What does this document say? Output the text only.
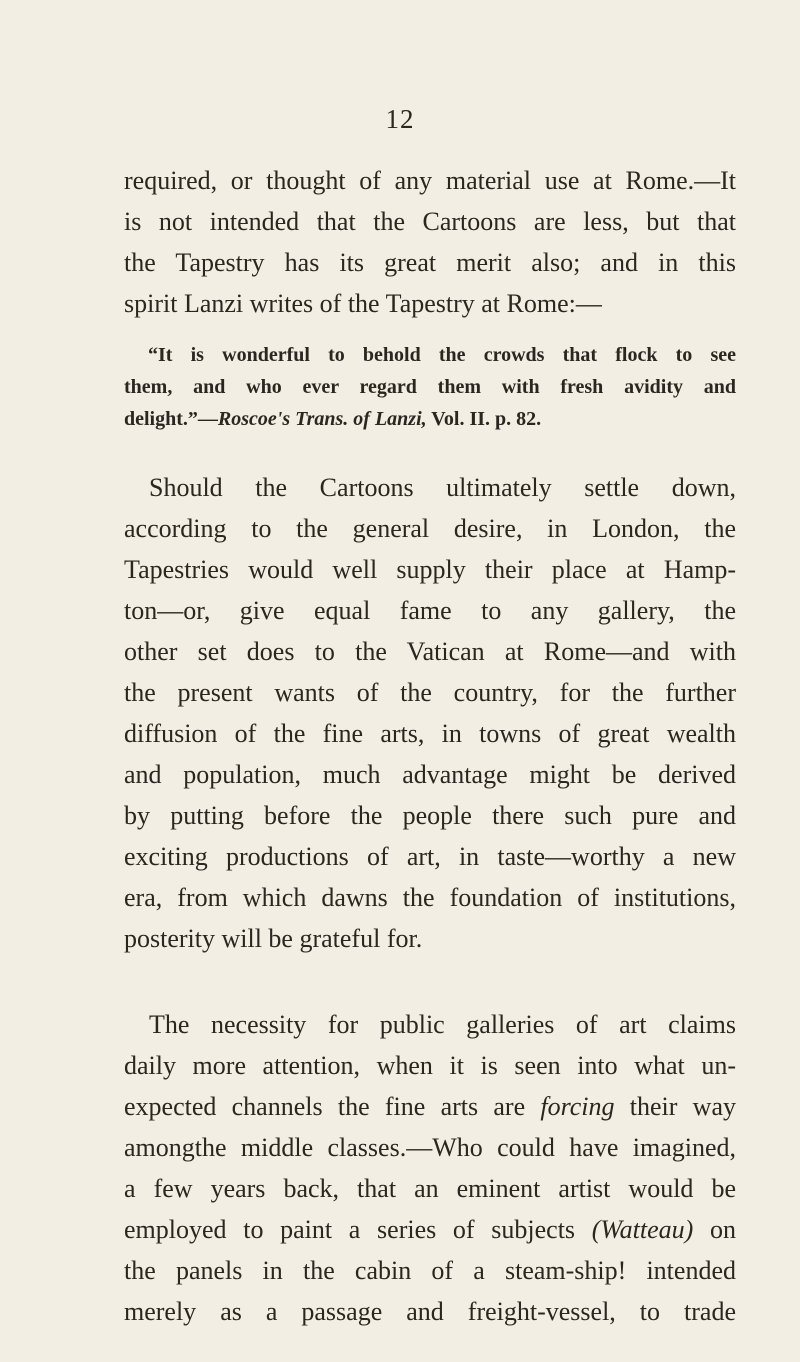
12
required, or thought of any material use at Rome.—It
is not intended that the Cartoons are less, but that
the Tapestry has its great merit also; and in this
spirit Lanzi writes of the Tapestry at Rome:—
“It is wonderful to behold the crowds that flock to see
them, and who ever regard them with fresh avidity and
delight.”—Roscoe's Trans. of Lanzi, Vol. II. p. 82.
Should the Cartoons ultimately settle down,
according to the general desire, in London, the
Tapestries would well supply their place at Hamp-
ton—or, give equal fame to any gallery, the
other set does to the Vatican at Rome—and with
the present wants of the country, for the further
diffusion of the fine arts, in towns of great wealth
and population, much advantage might be derived
by putting before the people there such pure and
exciting productions of art, in taste—worthy a new
era, from which dawns the foundation of institutions,
posterity will be grateful for.
The necessity for public galleries of art claims
daily more attention, when it is seen into what un-
expected channels the fine arts are forcing their way
amongthe middle classes.—Who could have imagined,
a few years back, that an eminent artist would be
employed to paint a series of subjects (Watteau) on
the panels in the cabin of a steam-ship! intended
merely as a passage and freight-vessel, to trade
